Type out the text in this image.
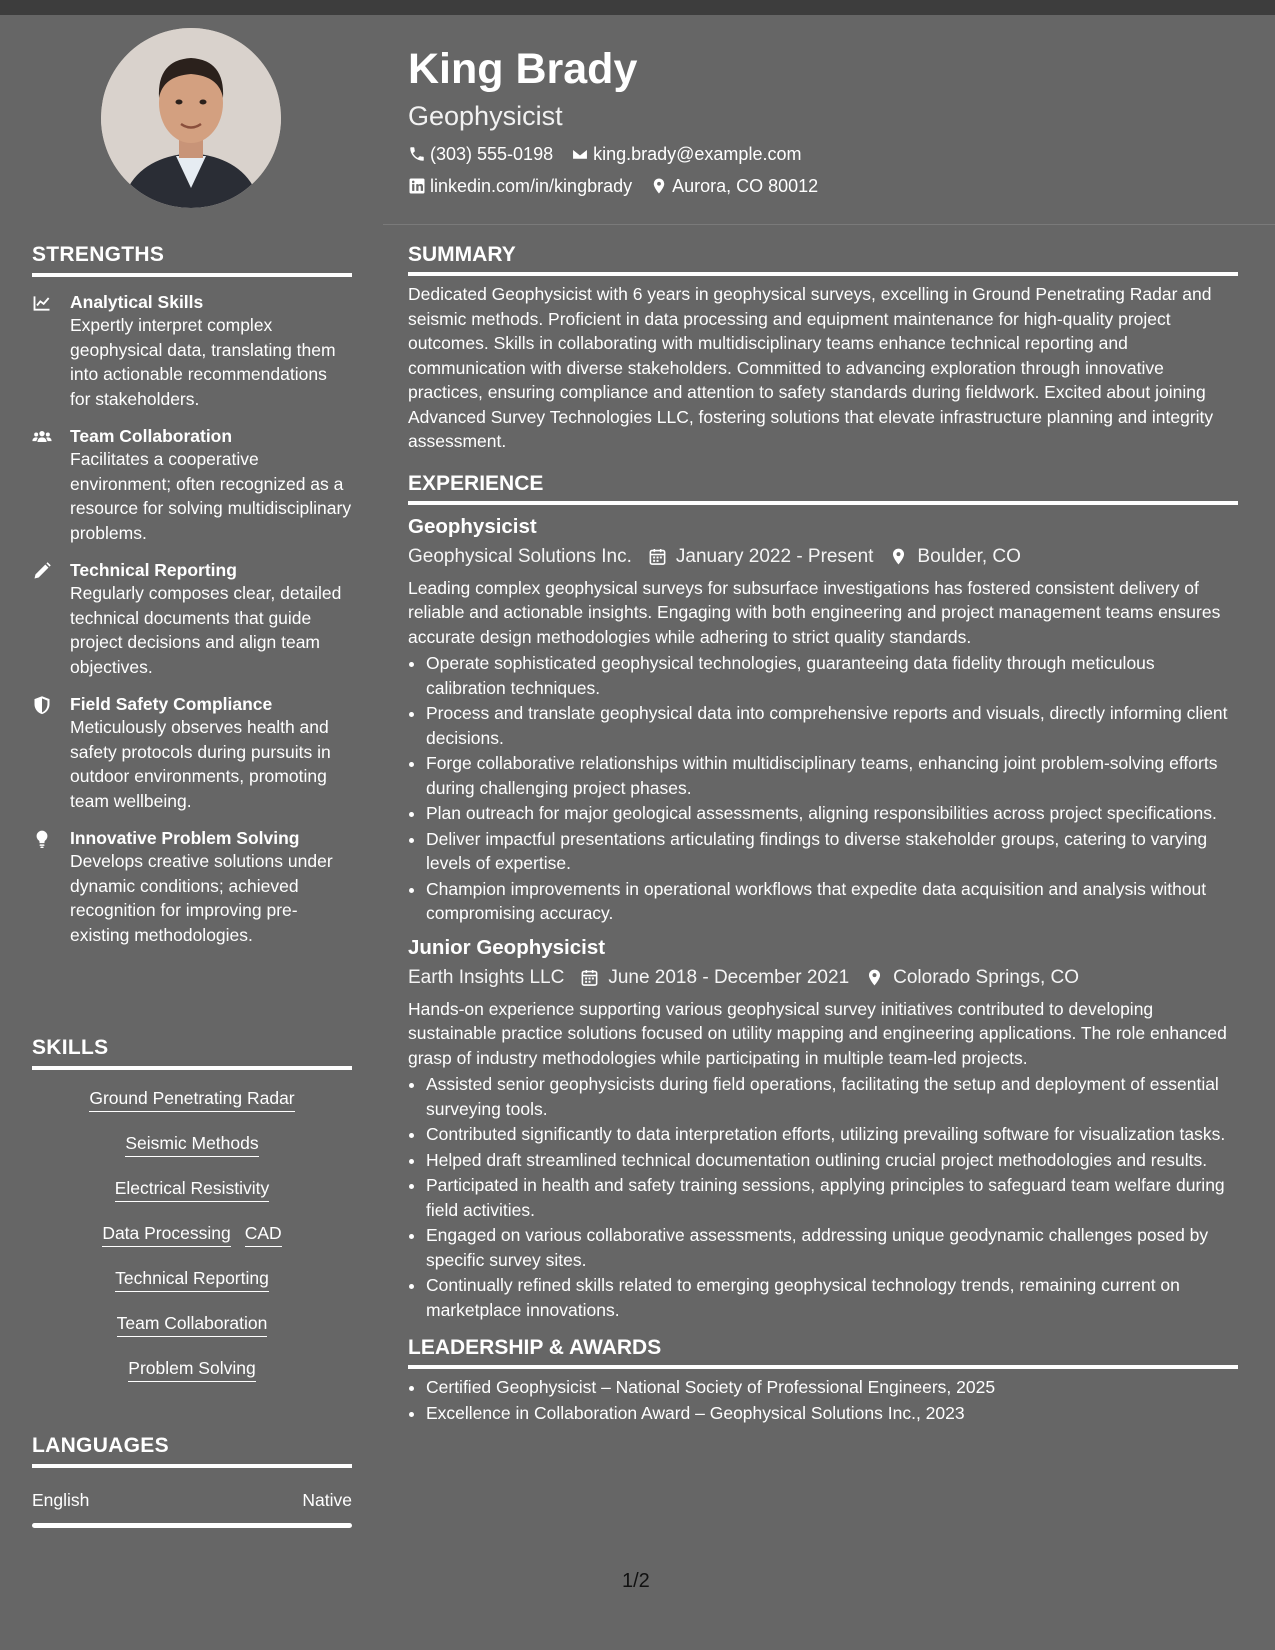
King Brady
Geophysicist
(303) 555-0198 king.brady@example.com
linkedin.com/in/kingbrady Aurora, CO 80012
STRENGTHS
Analytical Skills
Expertly interpret complex geophysical data, translating them into actionable recommendations for stakeholders.
Team Collaboration
Facilitates a cooperative environment; often recognized as a resource for solving multidisciplinary problems.
Technical Reporting
Regularly composes clear, detailed technical documents that guide project decisions and align team objectives.
Field Safety Compliance
Meticulously observes health and safety protocols during pursuits in outdoor environments, promoting team wellbeing.
Innovative Problem Solving
Develops creative solutions under dynamic conditions; achieved recognition for improving pre-existing methodologies.
SKILLS
Ground Penetrating Radar
Seismic Methods
Electrical Resistivity
Data Processing CAD
Technical Reporting
Team Collaboration
Problem Solving
LANGUAGES
English	Native
SUMMARY

Dedicated Geophysicist with 6 years in geophysical surveys, excelling in Ground Penetrating Radar and seismic methods. Proficient in data processing and equipment maintenance for high-quality project outcomes. Skills in collaborating with multidisciplinary teams enhance technical reporting and communication with diverse stakeholders. Committed to advancing exploration through innovative practices, ensuring compliance and attention to safety standards during fieldwork. Excited about joining Advanced Survey Technologies LLC, fostering solutions that elevate infrastructure planning and integrity assessment.

EXPERIENCE
Geophysicist
Geophysical Solutions Inc. January 2022 - Present Boulder, CO

Leading complex geophysical surveys for subsurface investigations has fostered consistent delivery of reliable and actionable insights. Engaging with both engineering and project management teams ensures accurate design methodologies while adhering to strict quality standards.

• Operate sophisticated geophysical technologies, guaranteeing data fidelity through meticulous calibration techniques.
• Process and translate geophysical data into comprehensive reports and visuals, directly informing client decisions.
• Forge collaborative relationships within multidisciplinary teams, enhancing joint problem-solving efforts during challenging project phases.
• Plan outreach for major geological assessments, aligning responsibilities across project specifications.
• Deliver impactful presentations articulating findings to diverse stakeholder groups, catering to varying levels of expertise.
• Champion improvements in operational workflows that expedite data acquisition and analysis without compromising accuracy.
Junior Geophysicist
Earth Insights LLC June 2018 - December 2021 Colorado Springs, CO

Hands-on experience supporting various geophysical survey initiatives contributed to developing sustainable practice solutions focused on utility mapping and engineering applications. The role enhanced grasp of industry methodologies while participating in multiple team-led projects.

• Assisted senior geophysicists during field operations, facilitating the setup and deployment of essential surveying tools.
• Contributed significantly to data interpretation efforts, utilizing prevailing software for visualization tasks.
• Helped draft streamlined technical documentation outlining crucial project methodologies and results.
• Participated in health and safety training sessions, applying principles to safeguard team welfare during field activities.
• Engaged on various collaborative assessments, addressing unique geodynamic challenges posed by specific survey sites.
• Continually refined skills related to emerging geophysical technology trends, remaining current on marketplace innovations.
LEADERSHIP & AWARDS
• Certified Geophysicist – National Society of Professional Engineers, 2025
• Excellence in Collaboration Award – Geophysical Solutions Inc., 2023
1/2
